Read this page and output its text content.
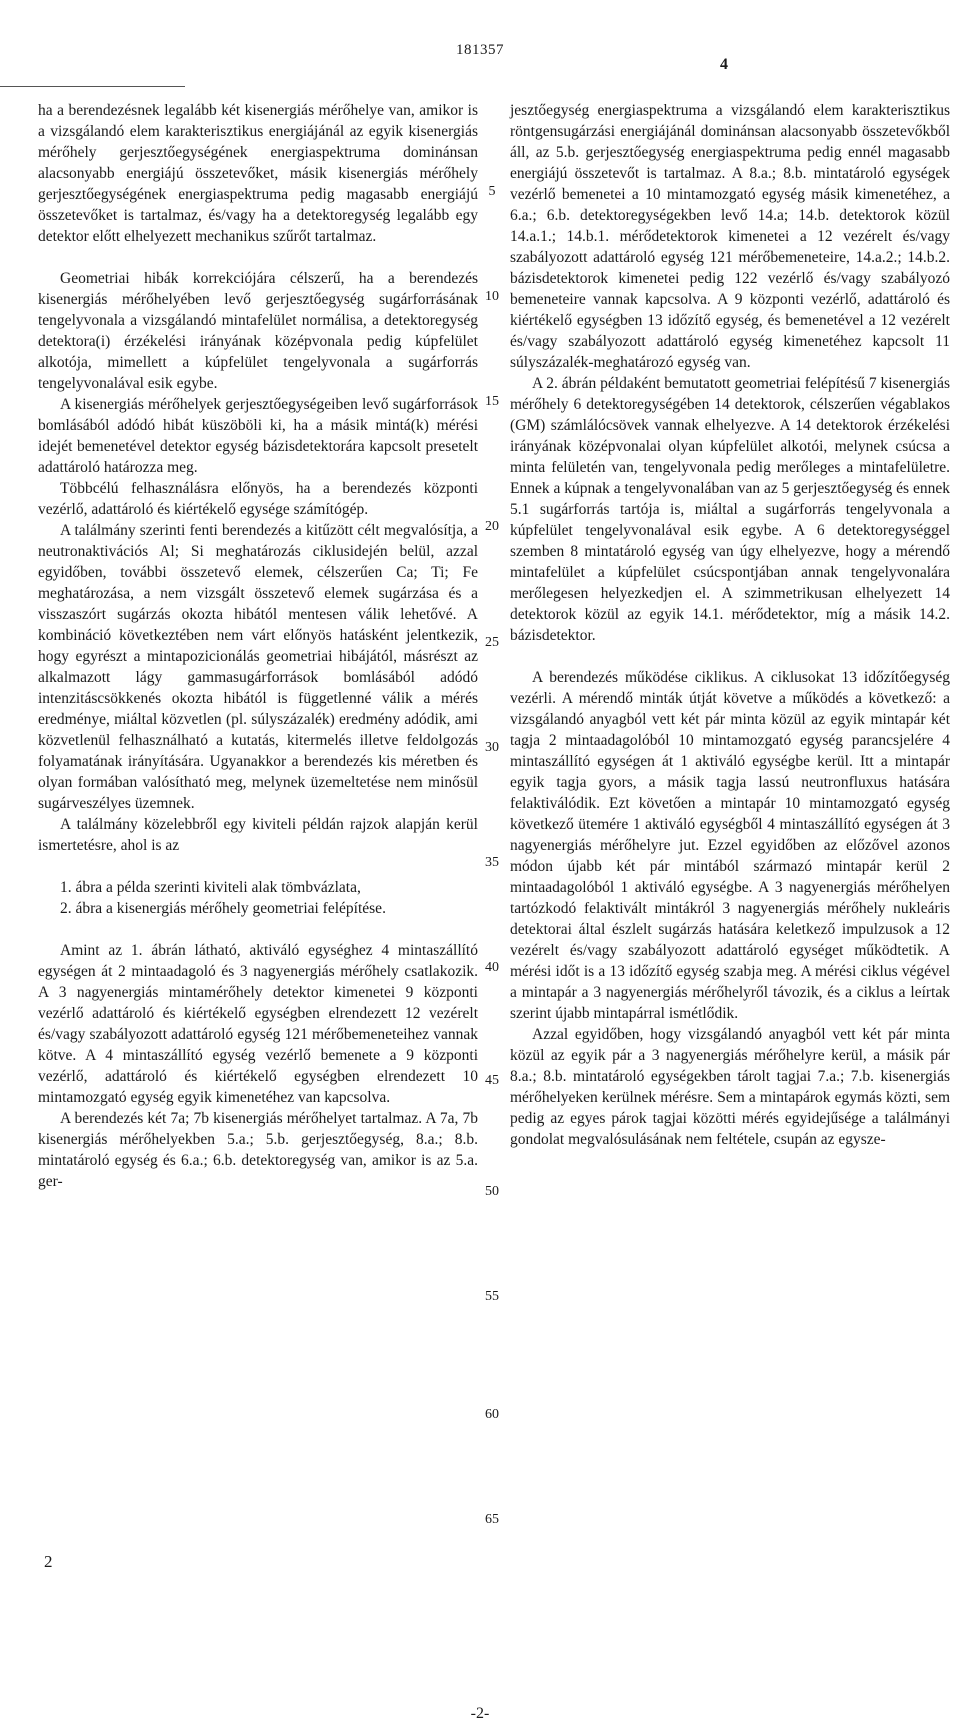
181357
4

ha a berendezésnek legalább két kisenergiás mérőhelye van, amikor is a vizsgálandó elem karakterisztikus energiájánál az egyik kisenergiás mérőhely gerjesztőegységének energiaspektruma dominánsan alacsonyabb energiájú összetevőket, másik kisenergiás mérőhely gerjesztőegységének energiaspektruma pedig magasabb energiájú összetevőket is tartalmaz, és/vagy ha a detektoregység legalább egy detektor előtt elhelyezett mechanikus szűrőt tartalmaz.

Geometriai hibák korrekciójára célszerű, ha a berendezés kisenergiás mérőhelyében levő gerjesztőegység sugárforrásának tengelyvonala a vizsgálandó mintafelület normálisa, a detektoregység detektora(i) érzékelési irányának középvonala pedig kúpfelület alkotója, mimellett a kúpfelület tengelyvonala a sugárforrás tengelyvonalával esik egybe.

A kisenergiás mérőhelyek gerjesztőegységeiben levő sugárforrások bomlásából adódó hibát küszöböli ki, ha a másik mintá(k) mérési idejét bemenetével detektor egység bázisdetektorára kapcsolt presetelt adattároló határozza meg.

Többcélú felhasználásra előnyös, ha a berendezés központi vezérlő, adattároló és kiértékelő egysége számítógép.

A találmány szerinti fenti berendezés a kitűzött célt megvalósítja, a neutronaktivációs Al; Si meghatározás ciklusidején belül, azzal egyidőben, további összetevő elemek, célszerűen Ca; Ti; Fe meghatározása, a nem vizsgált összetevő elemek sugárzása és a visszaszórt sugárzás okozta hibától mentesen válik lehetővé. A kombináció következtében nem várt előnyös hatásként jelentkezik, hogy egyrészt a mintapozicionálás geometriai hibájától, másrészt az alkalmazott lágy gammasugárforrások bomlásából adódó intenzitáscsökkenés okozta hibától is függetlenné válik a mérés eredménye, miáltal közvetlen (pl. súlyszázalék) eredmény adódik, ami közvetlenül felhasználható a kutatás, kitermelés illetve feldolgozás folyamatának irányítására. Ugyanakkor a berendezés kis méretben és olyan formában valósítható meg, melynek üzemeltetése nem minősül sugárveszélyes üzemnek.

A találmány közelebbről egy kiviteli példán rajzok alapján kerül ismertetésre, ahol is az

1. ábra a példa szerinti kiviteli alak tömbvázlata,

2. ábra a kisenergiás mérőhely geometriai felépítése.

Amint az 1. ábrán látható, aktiváló egységhez 4 mintaszállító egységen át 2 mintaadagoló és 3 nagyenergiás mérőhely csatlakozik. A 3 nagyenergiás mintamérőhely detektor kimenetei 9 központi vezérlő adattároló és kiértékelő egységben elrendezett 12 vezérelt és/vagy szabályozott adattároló egység 121 mérőbemeneteihez vannak kötve. A 4 mintaszállító egység vezérlő bemenete a 9 központi vezérlő, adattároló és kiértékelő egységben elrendezett 10 mintamozgató egység egyik kimenetéhez van kapcsolva.

A berendezés két 7a; 7b kisenergiás mérőhelyet tartalmaz. A 7a, 7b kisenergiás mérőhelyekben 5.a.; 5.b. gerjesztőegység, 8.a.; 8.b. mintatároló egység és 6.a.; 6.b. detektoregység van, amikor is az 5.a. ger-

jesztőegység energiaspektruma a vizsgálandó elem karakterisztikus röntgensugárzási energiájánál dominánsan alacsonyabb összetevőkből áll, az 5.b. gerjesztőegység energiaspektruma pedig ennél magasabb energiájú összetevőt is tartalmaz. A 8.a.; 8.b. mintatároló egységek vezérlő bemenetei a 10 mintamozgató egység másik kimenetéhez, a 6.a.; 6.b. detektoregységekben levő 14.a; 14.b. detektorok közül 14.a.1.; 14.b.1. mérődetektorok kimenetei a 12 vezérelt és/vagy szabályozott adattároló egység 121 mérőbemeneteire, 14.a.2.; 14.b.2. bázisdetektorok kimenetei pedig 122 vezérlő és/vagy szabályozó bemeneteire vannak kapcsolva. A 9 központi vezérlő, adattároló és kiértékelő egységben 13 időzítő egység, és bemenetével a 12 vezérelt és/vagy szabályozott adattároló egység kimenetéhez kapcsolt 11 súlyszázalék-meghatározó egység van.

A 2. ábrán példaként bemutatott geometriai felépítésű 7 kisenergiás mérőhely 6 detektoregységében 14 detektorok, célszerűen végablakos (GM) számlálócsövek vannak elhelyezve. A 14 detektorok érzékelési irányának középvonalai olyan kúpfelület alkotói, melynek csúcsa a minta felületén van, tengelyvonala pedig merőleges a mintafelületre. Ennek a kúpnak a tengelyvonalában van az 5 gerjesztőegység és ennek 5.1 sugárforrás tartója is, miáltal a sugárforrás tengelyvonala a kúpfelület tengelyvonalával esik egybe. A 6 detektoregységgel szemben 8 mintatároló egység van úgy elhelyezve, hogy a mérendő mintafelület a kúpfelület csúcspontjában annak tengelyvonalára merőlegesen helyezkedjen el. A szimmetrikusan elhelyezett 14 detektorok közül az egyik 14.1. mérődetektor, míg a másik 14.2. bázisdetektor.

A berendezés működése ciklikus. A ciklusokat 13 időzítőegység vezérli. A mérendő minták útját követve a működés a következő: a vizsgálandó anyagból vett két pár minta közül az egyik mintapár két tagja 2 mintaadagolóból 10 mintamozgató egység parancsjelére 4 mintaszállító egységen át 1 aktiváló egységbe kerül. Itt a mintapár egyik tagja gyors, a másik tagja lassú neutronfluxus hatására felaktiválódik. Ezt követően a mintapár 10 mintamozgató egység következő ütemére 1 aktiváló egységből 4 mintaszállító egységen át 3 nagyenergiás mérőhelyre jut. Ezzel egyidőben az előzővel azonos módon újabb két pár mintából származó mintapár kerül 2 mintaadagolóból 1 aktiváló egységbe. A 3 nagyenergiás mérőhelyen tartózkodó felaktivált mintákról 3 nagyenergiás mérőhely nukleáris detektorai által észlelt sugárzás hatására keletkező impulzusok a 12 vezérelt és/vagy szabályozott adattároló egységet működtetik. A mérési időt is a 13 időzítő egység szabja meg. A mérési ciklus végével a mintapár a 3 nagyenergiás mérőhelyről távozik, és a ciklus a leírtak szerint újabb mintapárral ismétlődik.

Azzal egyidőben, hogy vizsgálandó anyagból vett két pár minta közül az egyik pár a 3 nagyenergiás mérőhelyre kerül, a másik pár 8.a.; 8.b. mintatároló egységekben tárolt tagjai 7.a.; 7.b. kisenergiás mérőhelyeken kerülnek mérésre. Sem a mintapárok egymás közti, sem pedig az egyes párok tagjai közötti mérés egyidejűsége a találmányi gondolat megvalósulásának nem feltétele, csupán az egysze-

5
10
15
20
25
30
35
40
45
50
55
60
65
2
-2-
